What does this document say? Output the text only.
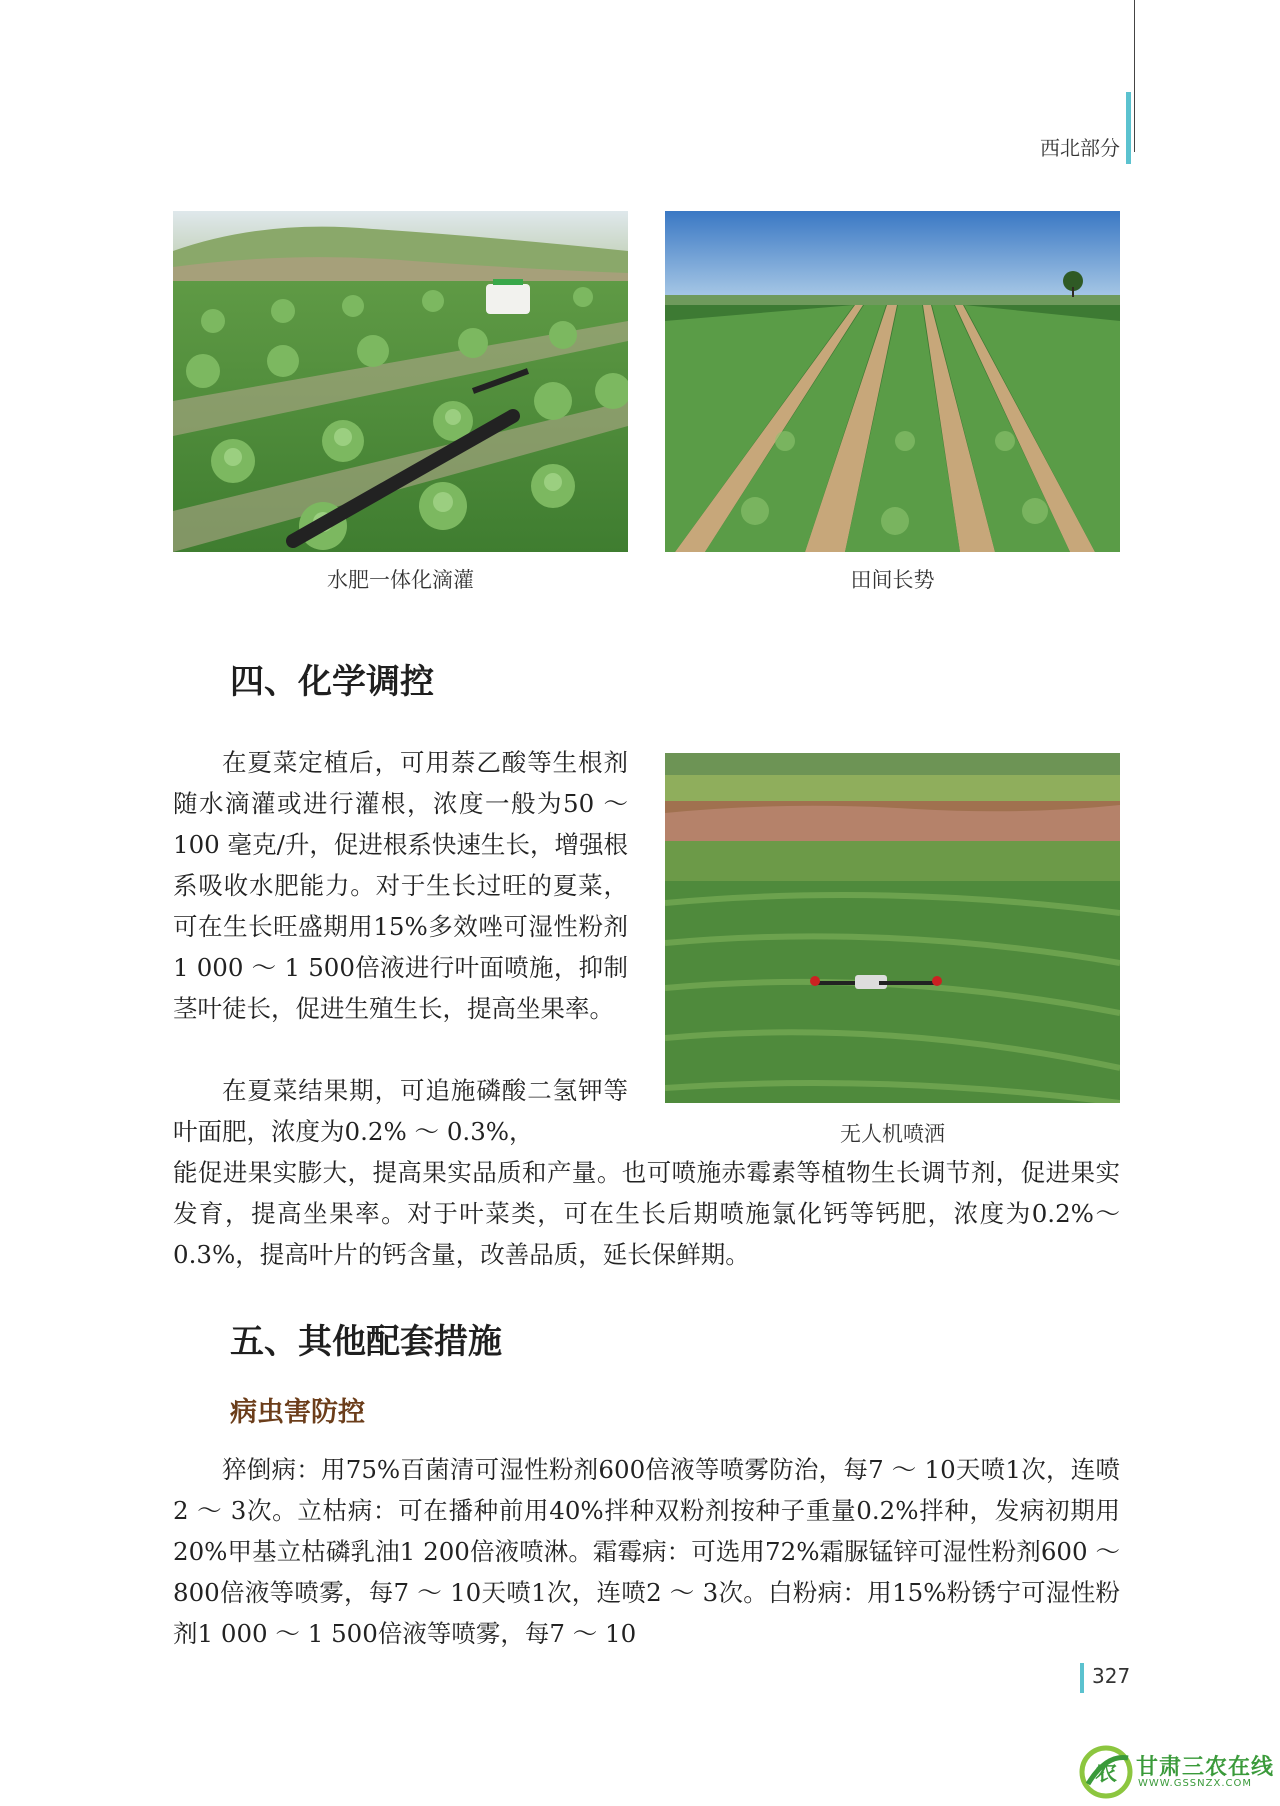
西北部分
水肥一体化滴灌	田间长势
四、化学调控
无人机喷洒

在夏菜定植后，可用萘乙酸等生根剂随水滴灌或进行灌根，浓度一般为50 ～ 100 毫克/升，促进根系快速生长，增强根系吸收水肥能力。对于生长过旺的夏菜，可在生长旺盛期用15%多效唑可湿性粉剂1 000 ～ 1 500倍液进行叶面喷施，抑制茎叶徒长，促进生殖生长，提高坐果率。

在夏菜结果期，可追施磷酸二氢钾等叶面肥，浓度为0.2% ～ 0.3%，

能促进果实膨大，提高果实品质和产量。也可喷施赤霉素等植物生长调节剂，促进果实发育，提高坐果率。对于叶菜类，可在生长后期喷施氯化钙等钙肥，浓度为0.2%～ 0.3%，提高叶片的钙含量，改善品质，延长保鲜期。

五、其他配套措施
病虫害防控

猝倒病：用75%百菌清可湿性粉剂600倍液等喷雾防治，每7 ～ 10天喷1次，连喷2 ～ 3次。立枯病：可在播种前用40%拌种双粉剂按种子重量0.2%拌种，发病初期用20%甲基立枯磷乳油1 200倍液喷淋。霜霉病：可选用72%霜脲锰锌可湿性粉剂600 ～ 800倍液等喷雾，每7 ～ 10天喷1次，连喷2 ～ 3次。白粉病：用15%粉锈宁可湿性粉剂1 000 ～ 1 500倍液等喷雾，每7 ～ 10

327
农 甘肃三农在线
WWW.GSSNZX.COM
